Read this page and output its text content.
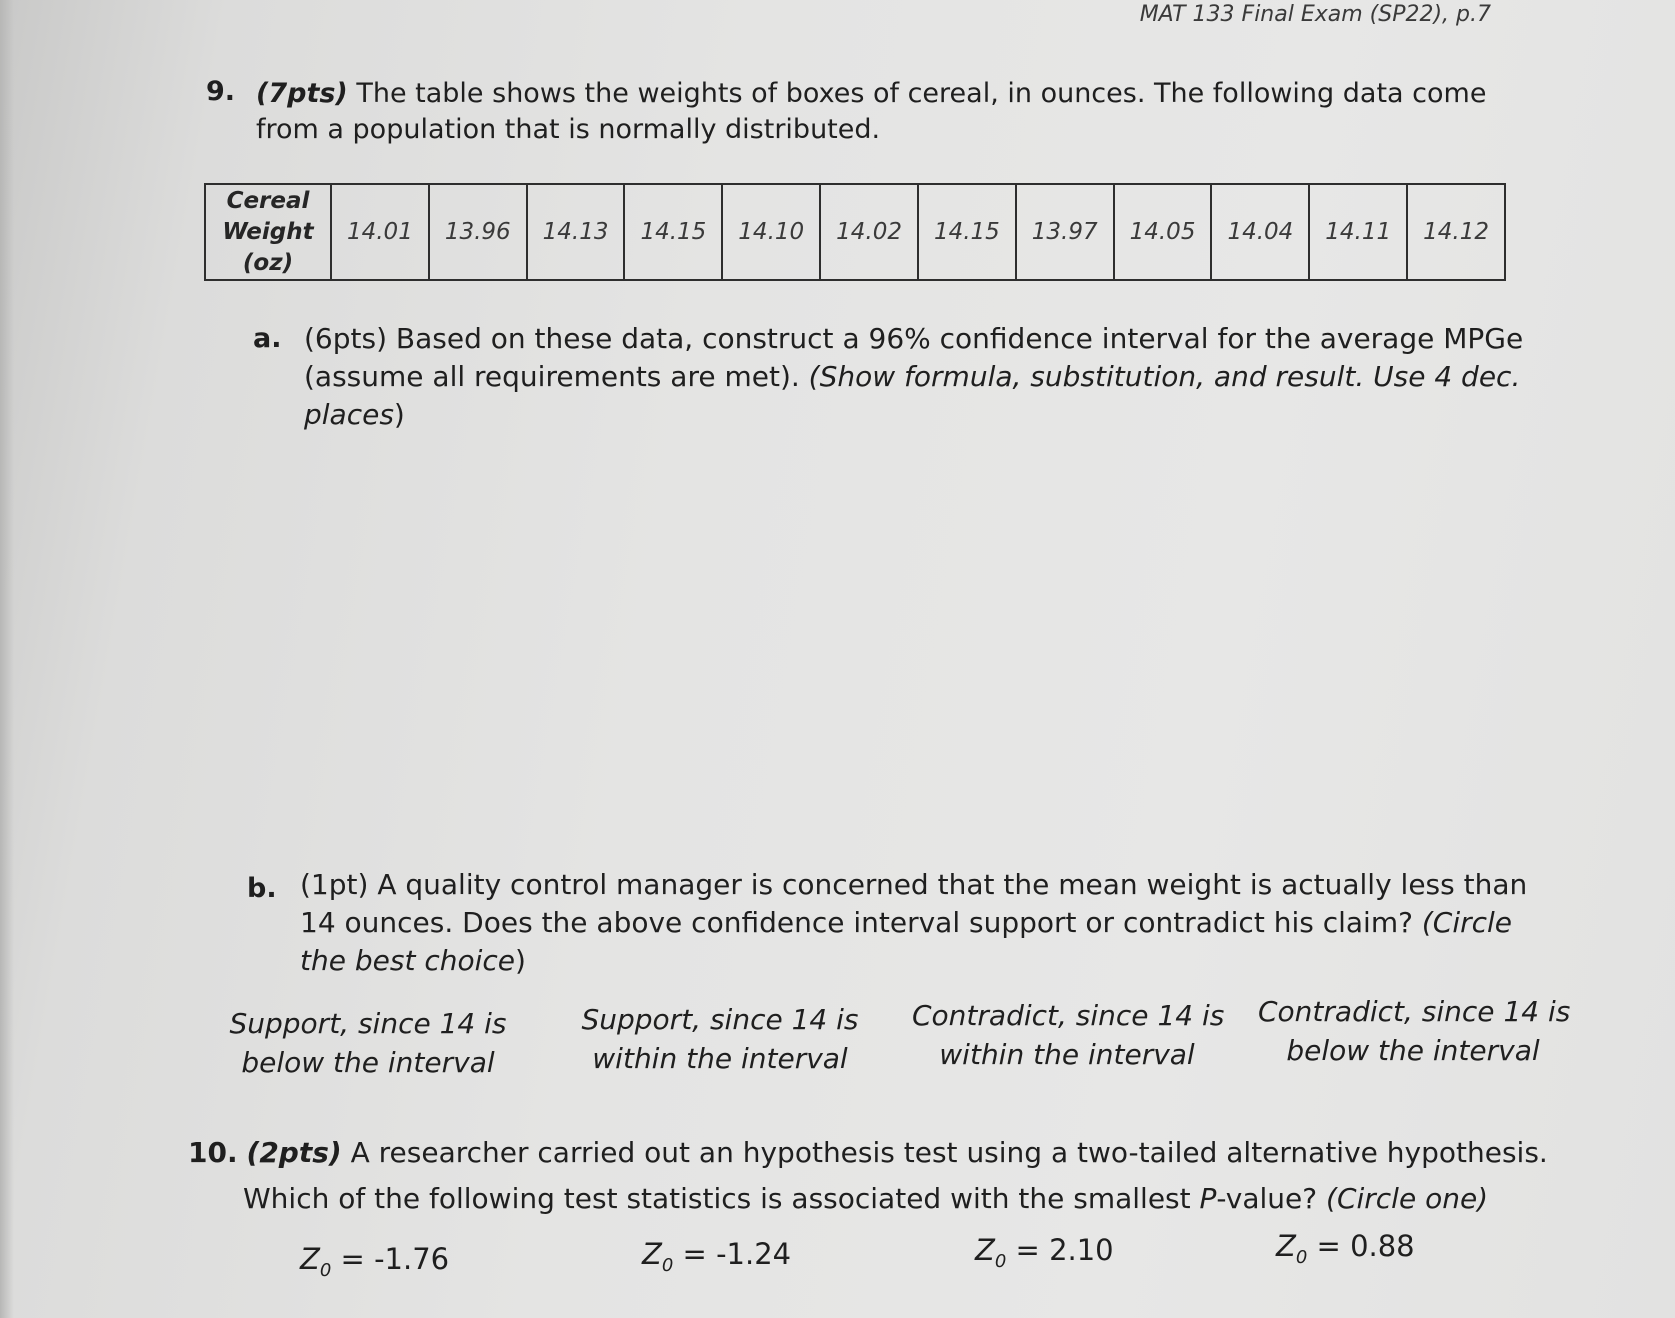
MAT 133 Final Exam (SP22), p.7
9. (7pts) The table shows the weights of boxes of cereal, in ounces. The following data come
from a population that is normally distributed.
Cereal
Weight
(oz)
	14.01	13.96	14.13	14.15	14.10	14.02	14.15	13.97	14.05	14.04	14.11	14.12
a. (6pts) Based on these data, construct a 96% confidence interval for the average MPGe
(assume all requirements are met). (Show formula, substitution, and result. Use 4 dec.
places)
b. (1pt) A quality control manager is concerned that the mean weight is actually less than
14 ounces. Does the above confidence interval support or contradict his claim? (Circle
the best choice)
Support, since 14 is
below the interval
Support, since 14 is
within the interval
Contradict, since 14 is
within the interval
Contradict, since 14 is
below the interval
10. (2pts) A researcher carried out an hypothesis test using a two-tailed alternative hypothesis.
Which of the following test statistics is associated with the smallest P-value? (Circle one)
$Z_0 = -1.76$	$Z_0 = -1.24$	$Z_0 = 2.10$	$Z_0 = 0.88$
